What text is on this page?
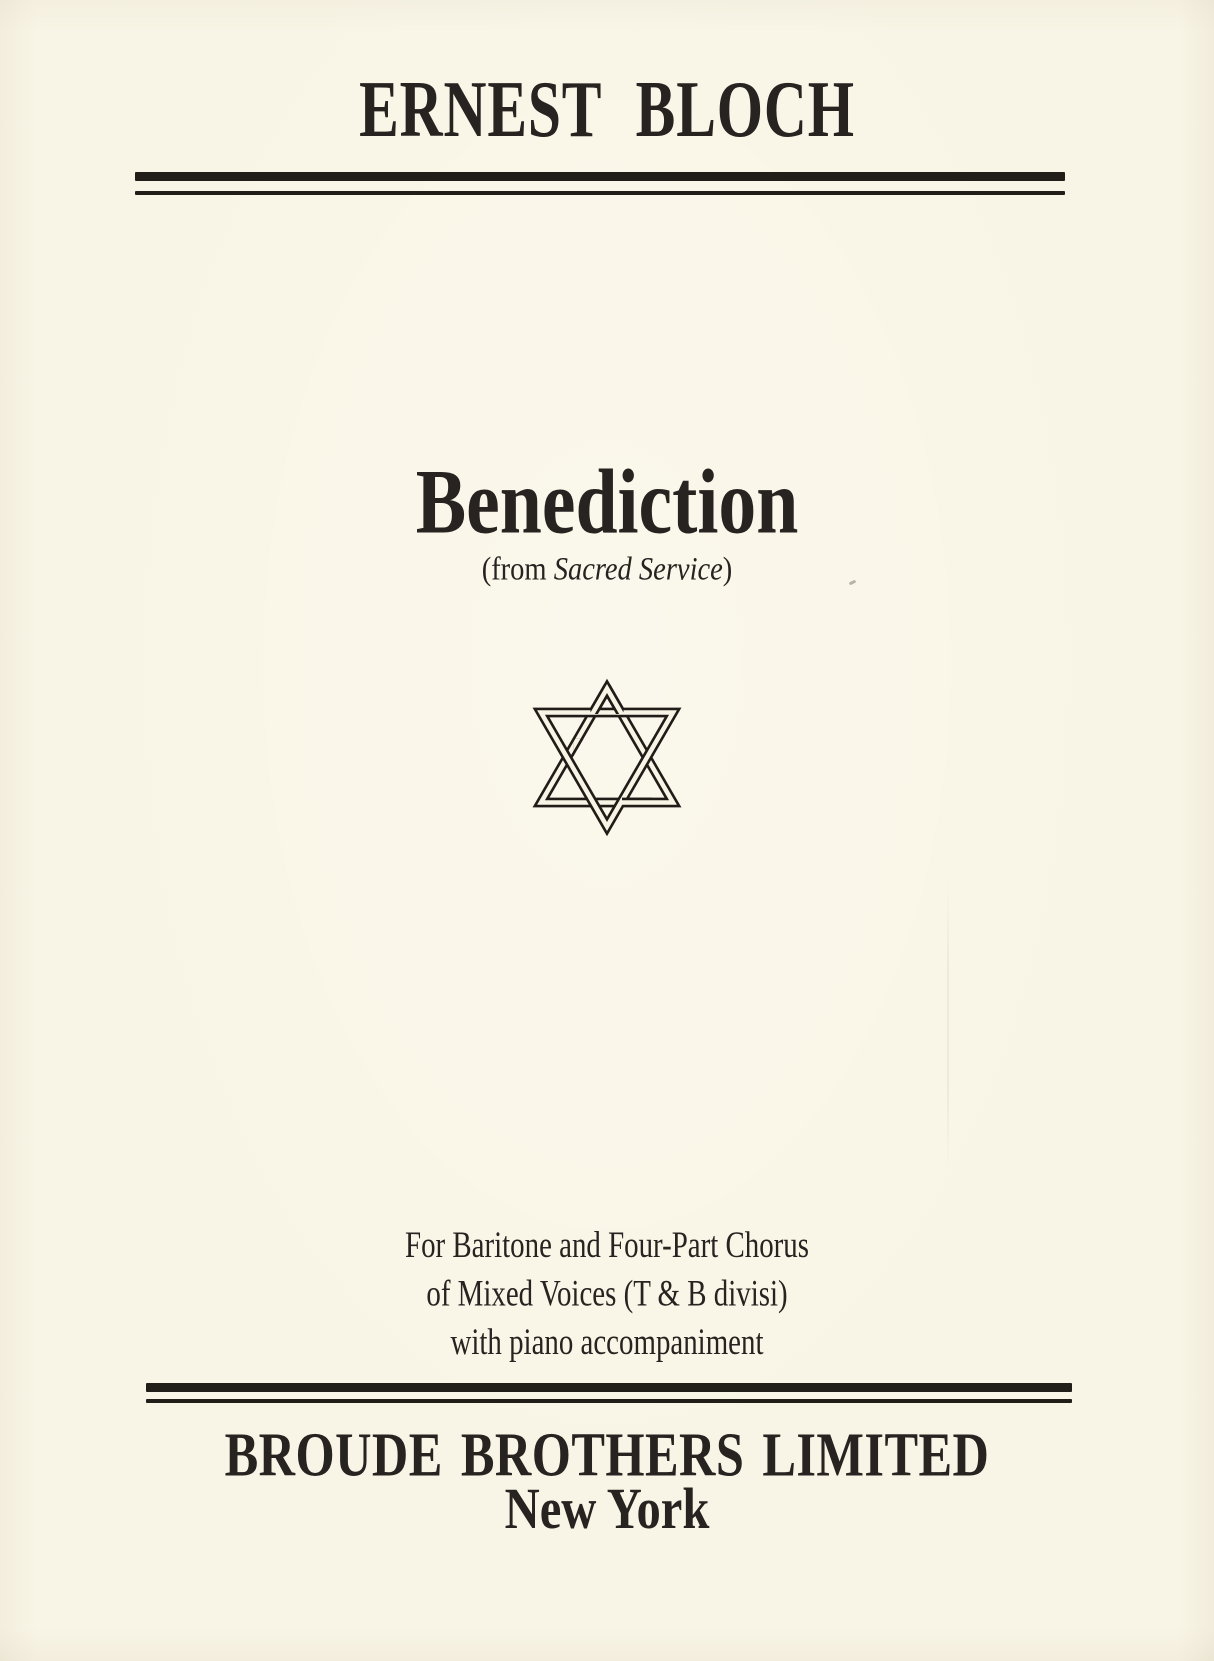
ERNEST BLOCH
Benediction
(from Sacred Service)
For Baritone and Four-Part Chorus
of Mixed Voices (T & B divisi)
with piano accompaniment
BROUDE BROTHERS LIMITED
New York
